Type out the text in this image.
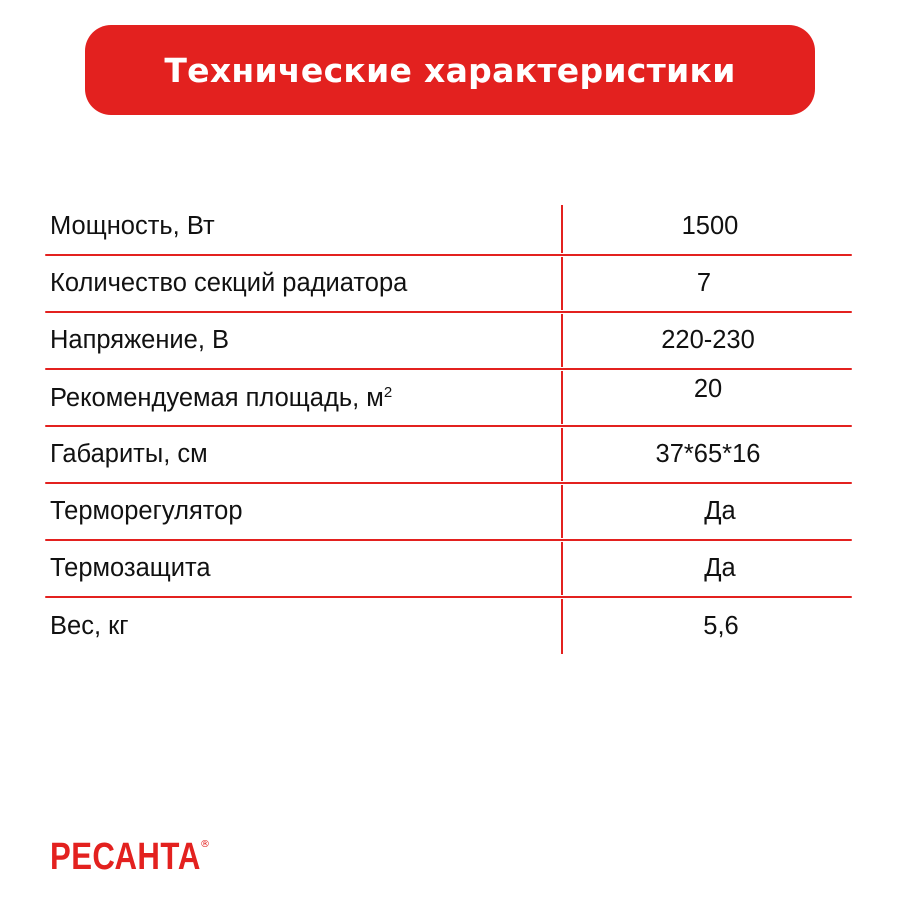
Технические характеристики
Мощность, Вт	1500
Количество секций радиатора	7
Напряжение, В	220-230
Рекомендуемая площадь, $м^2$	20
Габариты, см	37*65*16
Терморегулятор	Да
Термозащита	Да
Вес, кг	5,6
РЕСАНТА ®
